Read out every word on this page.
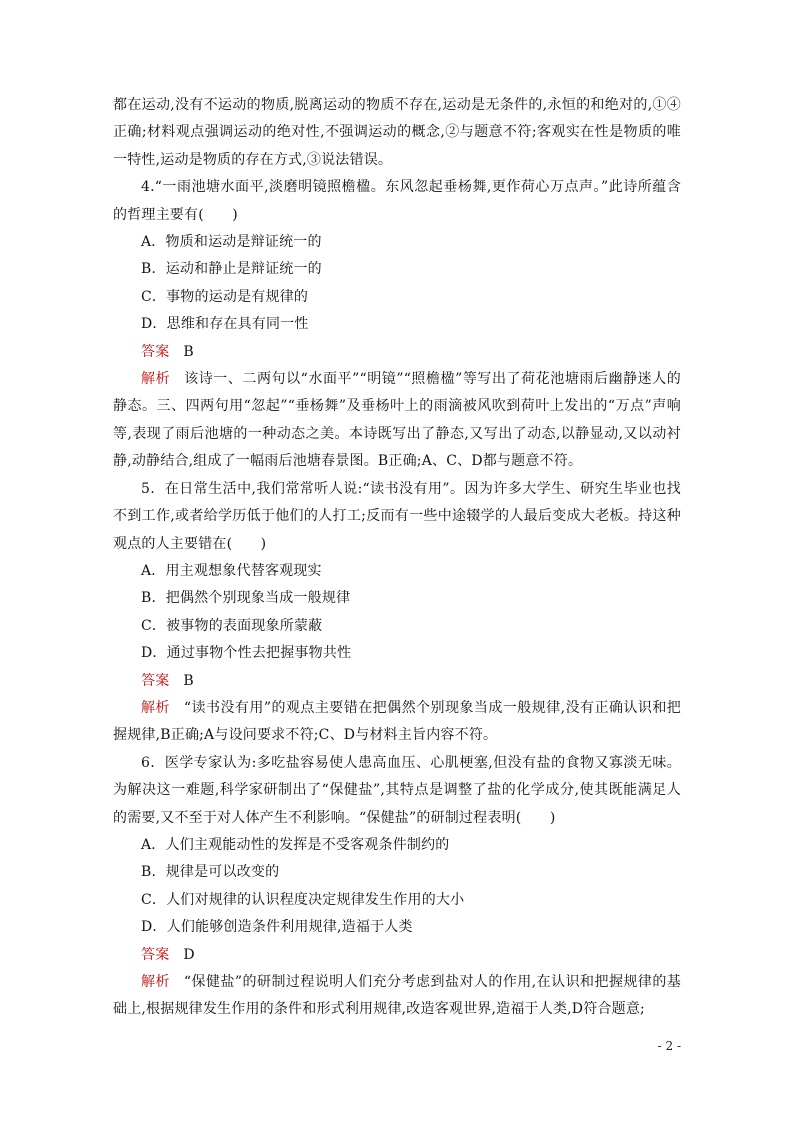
都在运动,没有不运动的物质,脱离运动的物质不存在,运动是无条件的,永恒的和绝对的,①④正确;材料观点强调运动的绝对性,不强调运动的概念,②与题意不符;客观实在性是物质的唯一特性,运动是物质的存在方式,③说法错误。

4.“一雨池塘水面平,淡磨明镜照檐楹。东风忽起垂杨舞,更作荷心万点声。”此诗所蕴含的哲理主要有(　　)

A．物质和运动是辩证统一的

B．运动和静止是辩证统一的

C．事物的运动是有规律的

D．思维和存在具有同一性

答案 B

解析 该诗一、二两句以“水面平”“明镜”“照檐楹”等写出了荷花池塘雨后幽静迷人的静态。三、四两句用“忽起”“垂杨舞”及垂杨叶上的雨滴被风吹到荷叶上发出的“万点”声响等,表现了雨后池塘的一种动态之美。本诗既写出了静态,又写出了动态,以静显动,又以动衬静,动静结合,组成了一幅雨后池塘春景图。B正确;A、C、D都与题意不符。

5．在日常生活中,我们常常听人说:“读书没有用”。因为许多大学生、研究生毕业也找不到工作,或者给学历低于他们的人打工;反而有一些中途辍学的人最后变成大老板。持这种观点的人主要错在(　　)

A．用主观想象代替客观现实

B．把偶然个别现象当成一般规律

C．被事物的表面现象所蒙蔽

D．通过事物个性去把握事物共性

答案 B

解析 “读书没有用”的观点主要错在把偶然个别现象当成一般规律,没有正确认识和把握规律,B正确;A与设问要求不符;C、D与材料主旨内容不符。

6．医学专家认为:多吃盐容易使人患高血压、心肌梗塞,但没有盐的食物又寡淡无味。为解决这一难题,科学家研制出了“保健盐”,其特点是调整了盐的化学成分,使其既能满足人的需要,又不至于对人体产生不利影响。“保健盐”的研制过程表明(　　)

A．人们主观能动性的发挥是不受客观条件制约的

B．规律是可以改变的

C．人们对规律的认识程度决定规律发生作用的大小

D．人们能够创造条件利用规律,造福于人类

答案 D

解析 “保健盐”的研制过程说明人们充分考虑到盐对人的作用,在认识和把握规律的基础上,根据规律发生作用的条件和形式利用规律,改造客观世界,造福于人类,D符合题意;

- 2 -
